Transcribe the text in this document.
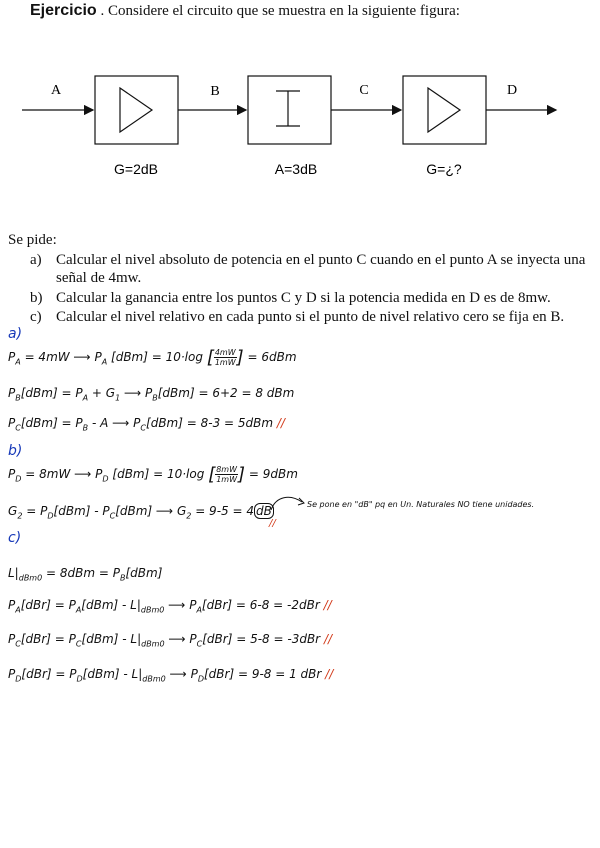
Ejercicio . Considere el circuito que se muestra en la siguiente figura:
A	B	C	D
G=2dB	A=3dB	G=¿?
Se pide:
a) Calcular el nivel absoluto de potencia en el punto C cuando en el punto A se inyecta una señal de 4mw.
b) Calcular la ganancia entre los puntos C y D si la potencia medida en D es de 8mw.
c) Calcular el nivel relativo en cada punto si el punto de nivel relativo cero se fija en B.
a)
$P_A = 4mW$ ⟶ $P_A$ [dBm] = 10·log [ $\frac{4mW}{1mW}$ ] = 6dBm
$P_B[dBm] = P_A + G_1$ ⟶ $P_B[dBm] = 6+2 = 8$ dBm
$P_C[dBm] = P_B - A$ ⟶ $P_C[dBm] = 8-3 = 5dBm$ //
b)
$P_D = 8mW$ ⟶ $P_D$ [dBm] = 10·log [ $\frac{8mW}{1mW}$ ] = 9dBm
$G_2 = P_D[dBm] - P_C[dBm]$ ⟶ $G_2 = 9-5 = 4$ dB	Se pone en "dB" pq en Un. Naturales NO tiene unidades.
//
c)
$L|_{dBm0} = 8dBm = P_B[dBm]$
$P_A[dBr] = P_A[dBm] - L|_{dBm0}$ ⟶ $P_A[dBr] = 6-8 = -2dBr$ //
$P_C[dBr] = P_C[dBm] - L|_{dBm0}$ ⟶ $P_C[dBr] = 5-8 = -3dBr$ //
$P_D[dBr] = P_D[dBm] - L|_{dBm0}$ ⟶ $P_D[dBr] = 9-8 = 1$ dBr //
